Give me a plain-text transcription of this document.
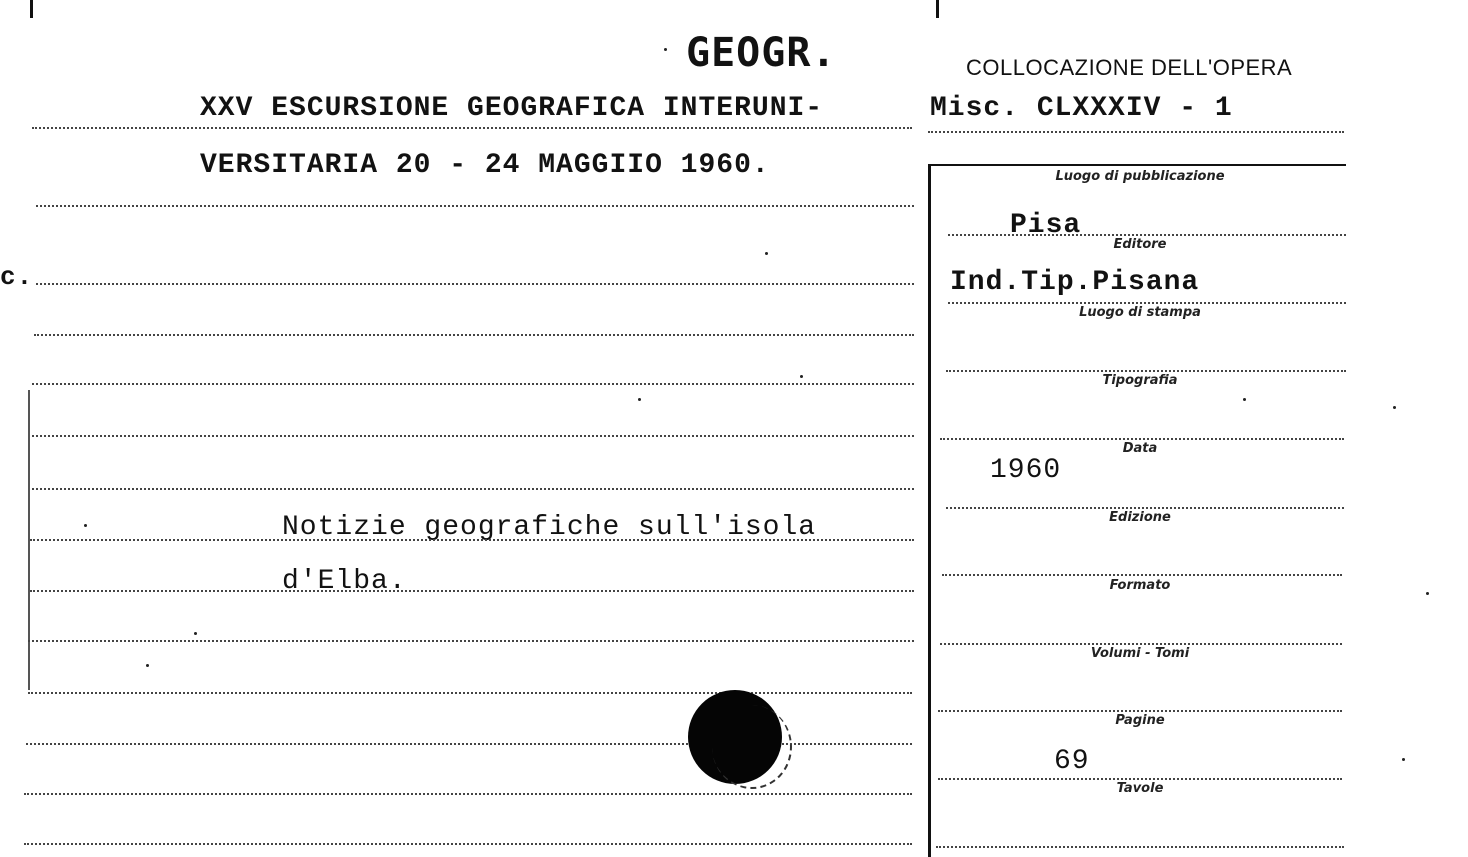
GEOGR.
XXV ESCURSIONE GEOGRAFICA INTERUNI-
VERSITARIA 20 - 24 MAGGIIO 1960.
c.
Notizie geografiche sull'isola
d'Elba.
COLLOCAZIONE DELL'OPERA
Misc. CLXXXIV - 1
Luogo di pubblicazione
Pisa
Editore
Ind.Tip.Pisana
Luogo di stampa
Tipografia
Data
1960
Edizione
Formato
Volumi - Tomi
Pagine
69
Tavole
